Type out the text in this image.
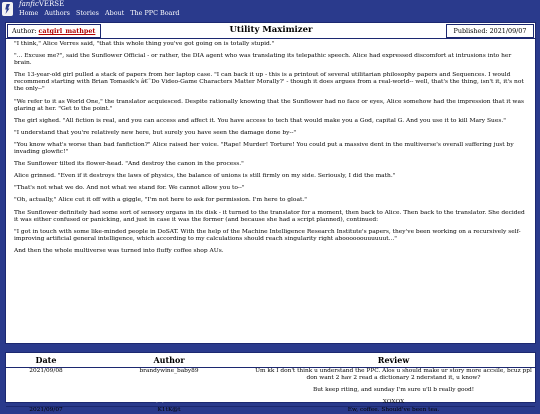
fanficVERSE
Home Authors Stories About The PPC Board
Author: catgirl_mathpet	Utility Maximizer	Published: 2021/09/07

"I think," Alice Verres said, "that this whole thing you've got going on is totally stupid."

"... Excuse me?", said the Sunflower Official - or rather, the DIA agent who was translating its telepathic speech. Alice had expressed discomfort at intrusions into her brain.

The 13-year-old girl pulled a stack of papers from her laptop case. "I can back it up - this is a printout of several utilitarian philosophy papers and Sequences. I would recommend starting with Brian Tomasik's â€˜Do Video-Game Characters Matter Morally?' - though it does argues from a real-world-- well, that's the thing, isn't it, it's not the only--"

"We refer to it as World One," the translator acquiesced. Despite rationally knowing that the Sunflower had no face or eyes, Alice somehow had the impression that it was glaring at her. "Get to the point."

The girl sighed. "All fiction is real, and you can access and affect it. You have access to tech that would make you a God, capital G. And you use it to kill Mary Sues."

"I understand that you're relatively new here, but surely you have seen the damage done by--"

"You know what's worse than bad fanfiction?" Alice raised her voice. "Rape! Murder! Torture! You could put a massive dent in the multiverse's overall suffering just by invading glowfic!"

The Sunflower tilted its flower-head. "And destroy the canon in the process."

Alice grinned. "Even if it destroys the laws of physics, the balance of unions is still firmly on my side. Seriously, I did the math."

"That's not what we do. And not what we stand for. We cannot allow you to--"

"Oh, actually," Alice cut it off with a giggle, "I'm not here to ask for permission. I'm here to gloat."

The Sunflower definitely had some sort of sensory organs in its disk - it turned to the translator for a moment, then back to Alice. Then back to the translator. She decided it was either confused or panicking, and just in case it was the former (and because she had a script planned), continued:

"I got in touch with some like-minded people in DoSAT. With the help of the Machine Intelligence Research Institute's papers, they've been working on a recursively self-improving artificial general intelligence, which according to my calculations should reach singularity right aboooooouuuuuut..."

And then the whole multiverse was turned into fluffy coffee shop AUs.

Date	Author	Review
2021/09/08	brandywine_baby89	Um kk I don't think u understand the PPC. Alos u should make ur story more accsile, bcuz ppl don want 2 hav 2 read a dictionary 2 nderstand it, u know?
But keep riting, and sunday I'm sure u'll b really good!
XOXOX

2021/09/07	K1tK@t	Ew, coffee. Should've been tea.
About the PPC Badfic Games Site Disclaimer --- (C) the PPC 2004-2021
